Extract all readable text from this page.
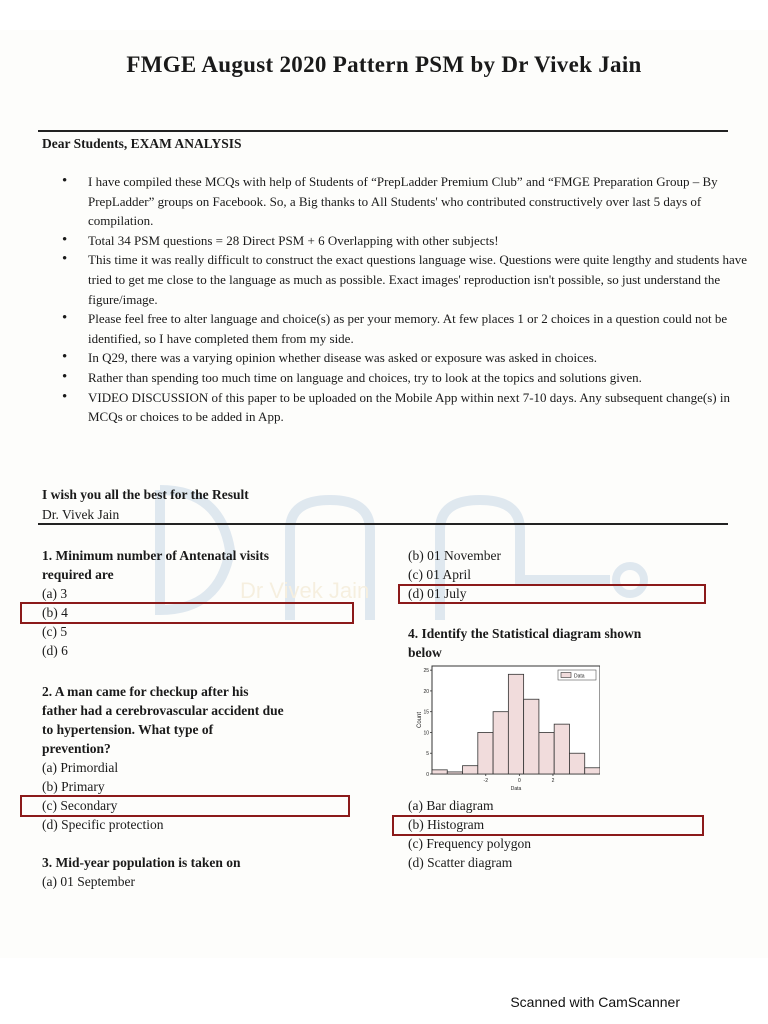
FMGE August 2020 Pattern PSM by Dr Vivek Jain
Dear Students, EXAM ANALYSIS
• I have compiled these MCQs with help of Students of “PrepLadder Premium Club” and “FMGE Preparation Group – By PrepLadder” groups on Facebook. So, a Big thanks to All Students' who contributed constructively over last 5 days of compilation.
• Total 34 PSM questions = 28 Direct PSM + 6 Overlapping with other subjects!
• This time it was really difficult to construct the exact questions language wise. Questions were quite lengthy and students have tried to get me close to the language as much as possible. Exact images' reproduction isn't possible, so just understand the figure/image.
• Please feel free to alter language and choice(s) as per your memory. At few places 1 or 2 choices in a question could not be identified, so I have completed them from my side.
• In Q29, there was a varying opinion whether disease was asked or exposure was asked in choices.
• Rather than spending too much time on language and choices, try to look at the topics and solutions given.
• VIDEO DISCUSSION of this paper to be uploaded on the Mobile App within next 7-10 days. Any subsequent change(s) in MCQs or choices to be added in App.
I wish you all the best for the Result
Dr. Vivek Jain
1. Minimum number of Antenatal visits
required are
(a) 3
(b) 4
(c) 5
(d) 6
2. A man came for checkup after his
father had a cerebrovascular accident due
to hypertension. What type of
prevention?
(a) Primordial
(b) Primary
(c) Secondary
(d) Specific protection
3. Mid-year population is taken on
(a) 01 September
(b) 01 November
(c) 01 April
(d) 01 July
4. Identify the Statistical diagram shown
below
0
5
10
15
20
25
-2	0	2
Data
Count
Data
(a) Bar diagram
(b) Histogram
(c) Frequency polygon
(d) Scatter diagram
Scanned with CamScanner
